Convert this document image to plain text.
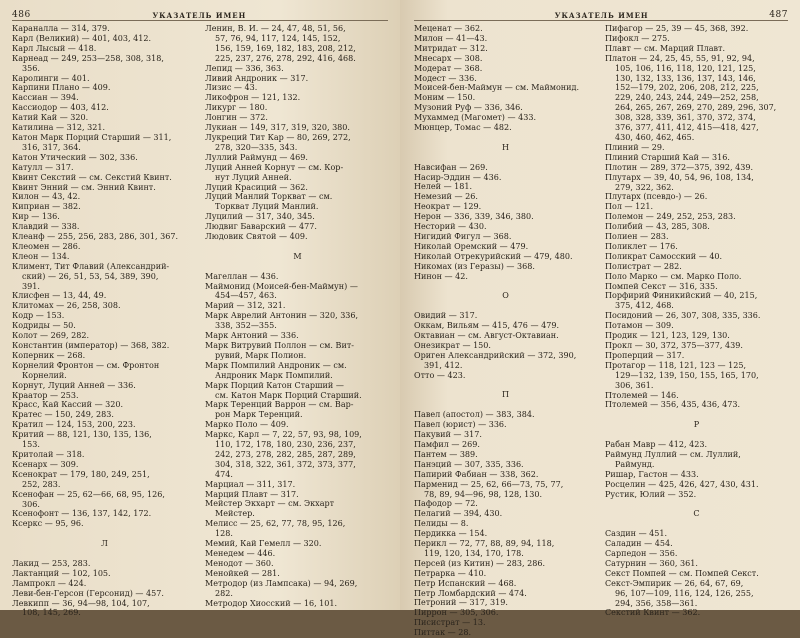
486	УКАЗАТЕЛЬ ИМЕН

Караналла — 314, 379.

Карл (Великий) — 401, 403, 412.

Карл Лысый — 418.

Карнеад — 249, 253—258, 308, 318,

356.

Каролинги — 401.

Карпини Плано — 409.

Кассиан — 394.

Кассиодор — 403, 412.

Катий Кай — 320.

Катилина — 312, 321.

Катон Марк Порций Старший — 311,

316, 317, 364.

Катон Утический — 302, 336.

Катулл — 317.

Квинт Секстий — см. Секстий Квинт.

Квинт Энний — см. Энний Квинт.

Килон — 43, 42.

Киприан — 382.

Кир — 136.

Клавдий — 338.

Клеанф — 255, 256, 283, 286, 301, 367.

Клеомен — 286.

Клеон — 134.

Климент, Тит Флавий (Александрий-

ский) — 26, 51, 53, 54, 389, 390,

391.

Клисфен — 13, 44, 49.

Клитомах — 26, 258, 308.

Кодр — 153.

Кодриды — 50.

Колот — 269, 282.

Константин (император) — 368, 382.

Коперник — 268.

Корнелий Фронтон — см. Фронтон

Корнелий.

Корнут, Луций Анней — 336.

Краатор — 253.

Красс, Кай Кассий — 320.

Кратес — 150, 249, 283.

Кратил — 124, 153, 200, 223.

Критий — 88, 121, 130, 135, 136,

153.

Критолай — 318.

Ксенарх — 309.

Ксенократ — 179, 180, 249, 251,

252, 283.

Ксенофан — 25, 62—66, 68, 95, 126,

306.

Ксенофонт — 136, 137, 142, 172.

Ксеркс — 95, 96.

Л

Лакид — 253, 283.

Лактанций — 102, 105.

Лампрокл — 424.

Леви-бен-Герсон (Герсонид) — 457.

Левкипп — 36, 94—98, 104, 107,

108, 145, 269.

Ленин, В. И. — 24, 47, 48, 51, 56,

57, 76, 94, 117, 124, 145, 152,

156, 159, 169, 182, 183, 208, 212,

225, 237, 276, 278, 292, 416, 468.

Лепид — 336, 363.

Ливий Андроник — 317.

Лизис — 43.

Ликофрон — 121, 132.

Ликург — 180.

Лонгин — 372.

Лукиан — 149, 317, 319, 320, 380.

Лукреций Тит Кар — 80, 269, 272,

278, 320—335, 343.

Луллий Раймунд — 469.

Луций Анней Корнут — см. Кор-

нут Луций Анней.

Луций Красиций — 362.

Луций Манлий Торкват — см.

Торкват Луций Манлий.

Луцилий — 317, 340, 345.

Людвиг Баварский — 477.

Людовик Святой — 409.

М

Магеллан — 436.

Маймонид (Моисей-бен-Маймун) —

454—457, 463.

Марий — 312, 321.

Марк Аврелий Антонин — 320, 336,

338, 352—355.

Марк Антоний — 336.

Марк Витрувий Поллон — см. Вит-

рувий, Марк Полион.

Марк Помпилий Андроник — см.

Андроник Марк Помпилий.

Марк Порций Катон Старший —

см. Катон Марк Порций Старший.

Марк Теренций Варрон — см. Вар-

рон Марк Теренций.

Марко Поло — 409.

Маркс, Карл — 7, 22, 57, 93, 98, 109,

110, 172, 178, 180, 230, 236, 237,

242, 273, 278, 282, 285, 287, 289,

304, 318, 322, 361, 372, 373, 377,

474.

Марциал — 311, 317.

Марций Плавт — 317.

Мейстер Экхарт — см. Экхарт

Мейстер.

Мелисс — 25, 62, 77, 78, 95, 126,

128.

Мемий, Кай Гемелл — 320.

Менедем — 446.

Менодот — 360.

Менойкей — 281.

Метродор (из Лампсака) — 94, 269,

282.

Метродор Хиосский — 16, 101.

УКАЗАТЕЛЬ ИМЕН	487

Меценат — 362.

Милон — 41—43.

Митридат — 312.

Мнесарх — 308.

Модерат — 368.

Модест — 336.

Моисей-бен-Маймун — см. Маймонид.

Моним — 150.

Музоний Руф — 336, 346.

Мухаммед (Магомет) — 433.

Мюнцер, Томас — 482.

Н

Навсифан — 269.

Насир-Эддин — 436.

Нелей — 181.

Немезий — 26.

Неократ — 129.

Нерон — 336, 339, 346, 380.

Несторий — 430.

Нигидий Фигул — 368.

Николай Оремский — 479.

Николай Отрекурийский — 479, 480.

Никомах (из Геразы) — 368.

Нинон — 42.

О

Овидий — 317.

Оккам, Вильям — 415, 476 — 479.

Октавиан — см. Август-Октавиан.

Онезикрат — 150.

Ориген Александрийский — 372, 390,

391, 412.

Отто — 423.

П

Павел (апостол) — 383, 384.

Павел (юрист) — 336.

Пакувий — 317.

Памфил — 269.

Пантем — 389.

Панэций — 307, 335, 336.

Папирий Фабиан — 338, 362.

Парменид — 25, 62, 66—73, 75, 77,

78, 89, 94—96, 98, 128, 130.

Пафодор — 72.

Пелагий — 394, 430.

Пелиды — 8.

Пердикка — 154.

Перикл — 72, 77, 88, 89, 94, 118,

119, 120, 134, 170, 178.

Персей (из Китин) — 283, 286.

Петрарка — 410.

Петр Испанский — 468.

Петр Ломбардский — 474.

Петроний — 317, 319.

Пиррон — 305, 306.

Писистрат — 13.

Питтак — 28.

Пифагор — 25, 39 — 45, 368, 392.

Пифокл — 275.

Плавт — см. Марций Плавт.

Платон — 24, 25, 45, 55, 91, 92, 94,

105, 106, 116, 118, 120, 121, 125,

130, 132, 133, 136, 137, 143, 146,

152—179, 202, 206, 208, 212, 225,

229, 240, 243, 244, 249—252, 258,

264, 265, 267, 269, 270, 289, 296, 307,

308, 328, 339, 361, 370, 372, 374,

376, 377, 411, 412, 415—418, 427,

430, 460, 462, 465.

Плиний — 29.

Плиний Старший Кай — 316.

Плотин — 289, 372—375, 392, 439.

Плутарх — 39, 40, 54, 96, 108, 134,

279, 322, 362.

Плутарх (псевдо-) — 26.

Пол — 121.

Полемон — 249, 252, 253, 283.

Полибий — 43, 285, 308.

Полиен — 283.

Поликлет — 176.

Поликрат Самосский — 40.

Полистрат — 282.

Поло Марко — см. Марко Поло.

Помпей Секст — 316, 335.

Порфирий Финикийский — 40, 215,

375, 412, 468.

Посидоний — 26, 307, 308, 335, 336.

Потамон — 309.

Продик — 121, 123, 129, 130.

Прокл — 30, 372, 375—377, 439.

Проперций — 317.

Протагор — 118, 121, 123 — 125,

129—132, 139, 150, 155, 165, 170,

306, 361.

Птолемей — 146.

Птолемей — 356, 435, 436, 473.

Р

Рабан Мавр — 412, 423.

Раймунд Луллий — см. Луллий,

Раймунд.

Ришар, Гастон — 433.

Росцелин — 425, 426, 427, 430, 431.

Рустик, Юлий — 352.

С

Саздин — 451.

Саладин — 454.

Сарпедон — 356.

Сатурнин — 360, 361.

Секст Помпей — см. Помпей Секст.

Секст-Эмпирик — 26, 64, 67, 69,

96, 107—109, 116, 124, 126, 255,

294, 356, 358—361.

Секстий Квинт — 362.
